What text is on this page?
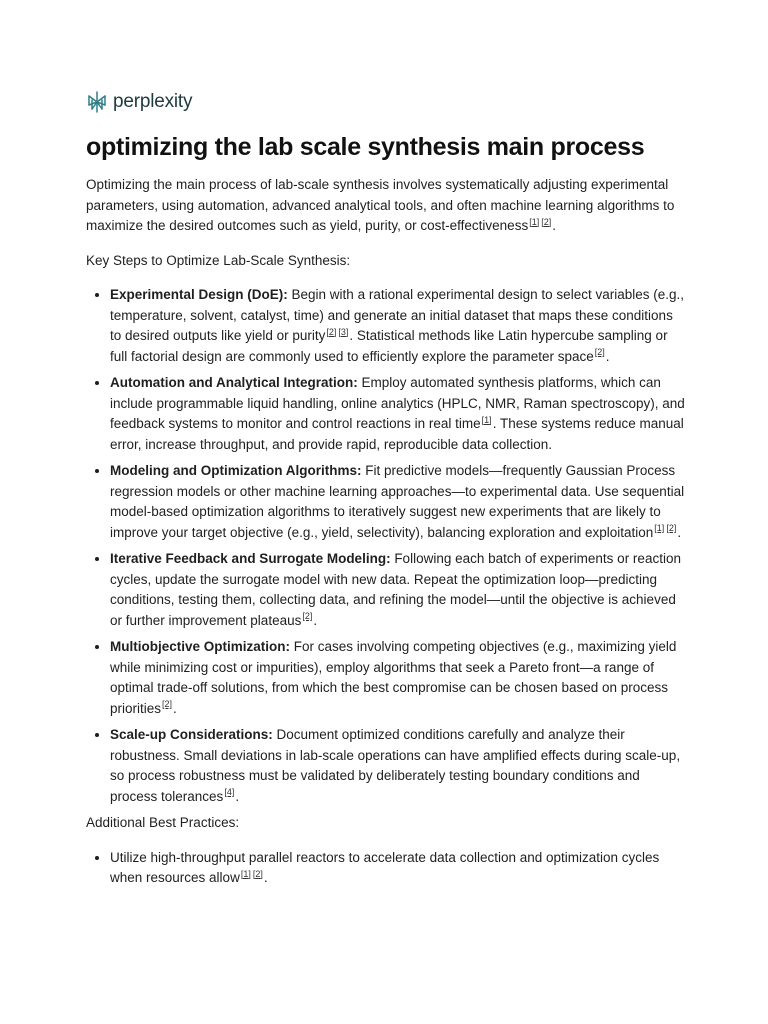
perplexity
optimizing the lab scale synthesis main process

Optimizing the main process of lab-scale synthesis involves systematically adjusting experimental parameters, using automation, advanced analytical tools, and often machine learning algorithms to maximize the desired outcomes such as yield, purity, or cost-effectiveness[1] [2].

Key Steps to Optimize Lab-Scale Synthesis:

• Experimental Design (DoE): Begin with a rational experimental design to select variables (e.g., temperature, solvent, catalyst, time) and generate an initial dataset that maps these conditions to desired outputs like yield or purity[2] [3]. Statistical methods like Latin hypercube sampling or full factorial design are commonly used to efficiently explore the parameter space[2].
• Automation and Analytical Integration: Employ automated synthesis platforms, which can include programmable liquid handling, online analytics (HPLC, NMR, Raman spectroscopy), and feedback systems to monitor and control reactions in real time[1]. These systems reduce manual error, increase throughput, and provide rapid, reproducible data collection.
• Modeling and Optimization Algorithms: Fit predictive models—frequently Gaussian Process regression models or other machine learning approaches—to experimental data. Use sequential model-based optimization algorithms to iteratively suggest new experiments that are likely to improve your target objective (e.g., yield, selectivity), balancing exploration and exploitation[1] [2].
• Iterative Feedback and Surrogate Modeling: Following each batch of experiments or reaction cycles, update the surrogate model with new data. Repeat the optimization loop—predicting conditions, testing them, collecting data, and refining the model—until the objective is achieved or further improvement plateaus[2].
• Multiobjective Optimization: For cases involving competing objectives (e.g., maximizing yield while minimizing cost or impurities), employ algorithms that seek a Pareto front—a range of optimal trade-off solutions, from which the best compromise can be chosen based on process priorities[2].
• Scale-up Considerations: Document optimized conditions carefully and analyze their robustness. Small deviations in lab-scale operations can have amplified effects during scale-up, so process robustness must be validated by deliberately testing boundary conditions and process tolerances[4].

Additional Best Practices:

• Utilize high-throughput parallel reactors to accelerate data collection and optimization cycles when resources allow[1] [2].
